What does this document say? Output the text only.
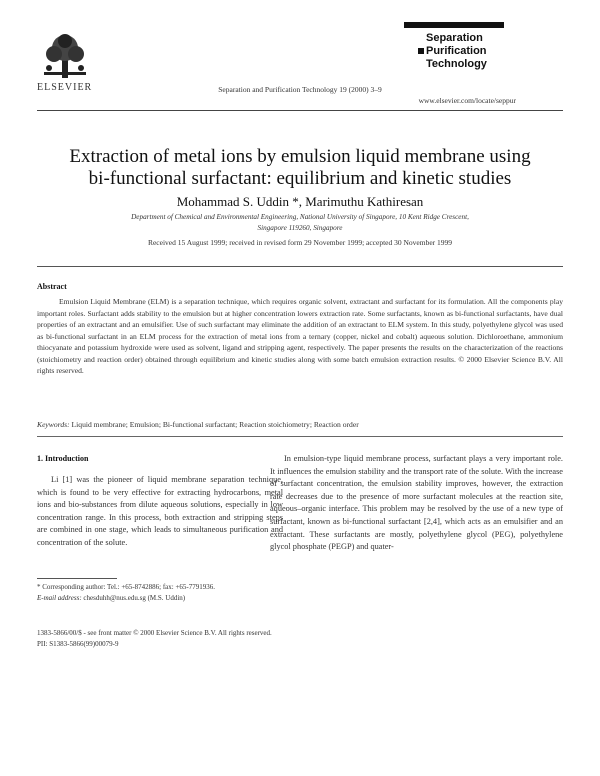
ELSEVIER	Separation and Purification Technology 19 (2000) 3–9
Separation
Purification
Technology
www.elsevier.com/locate/seppur
Extraction of metal ions by emulsion liquid membrane using
bi-functional surfactant: equilibrium and kinetic studies
Mohammad S. Uddin *, Marimuthu Kathiresan
Department of Chemical and Environmental Engineering, National University of Singapore, 10 Kent Ridge Crescent,
Singapore 119260, Singapore
Received 15 August 1999; received in revised form 29 November 1999; accepted 30 November 1999
Abstract
Emulsion Liquid Membrane (ELM) is a separation technique, which requires organic solvent, extractant and surfactant for its formulation. All the components play important roles. Surfactant adds stability to the emulsion but at higher concentration lowers extraction rate. Some surfactants, known as bi-functional surfactants, have dual properties of an extractant and an emulsifier. Use of such surfactant may eliminate the addition of an extractant to ELM system. In this study, polyethylene glycol was used as bi-functional surfactant in an ELM process for the extraction of metal ions from a ternary (copper, nickel and cobalt) aqueous solution. Dichloroethane, ammonium thiocyanate and potassium hydroxide were used as solvent, ligand and stripping agent, respectively. The paper presents the results on the characterization of the reactions (stoichiometry and reaction order) obtained through equilibrium and kinetic studies along with some batch emulsion extraction results. © 2000 Elsevier Science B.V. All rights reserved.
Keywords: Liquid membrane; Emulsion; Bi-functional surfactant; Reaction stoichiometry; Reaction order
1. Introduction
Li [1] was the pioneer of liquid membrane separation technique, which is found to be very effective for extracting hydrocarbons, metal ions and bio-substances from dilute aqueous solutions, especially in low concentration range. In this process, both extraction and stripping steps are combined in one stage, which leads to simultaneous purification and concentration of the solute.
In emulsion-type liquid membrane process, surfactant plays a very important role. It influences the emulsion stability and the transport rate of the solute. With the increase of surfactant concentration, the emulsion stability improves, however, the extraction rate decreases due to the presence of more surfactant molecules at the reaction site, aqueous–organic interface. This problem may be resolved by the use of a new type of surfactant, known as bi-functional surfactant [2,4], which acts as an emulsifier and an extractant. These surfactants are mostly, polyethylene glycol (PEG), polyethylene glycol phosphate (PEGP) and quater-
* Corresponding author: Tel.: +65-8742886; fax: +65-7791936.
E-mail address: chesduhh@nus.edu.sg (M.S. Uddin)
1383-5866/00/$ - see front matter © 2000 Elsevier Science B.V. All rights reserved.
PII: S1383-5866(99)00079-9
